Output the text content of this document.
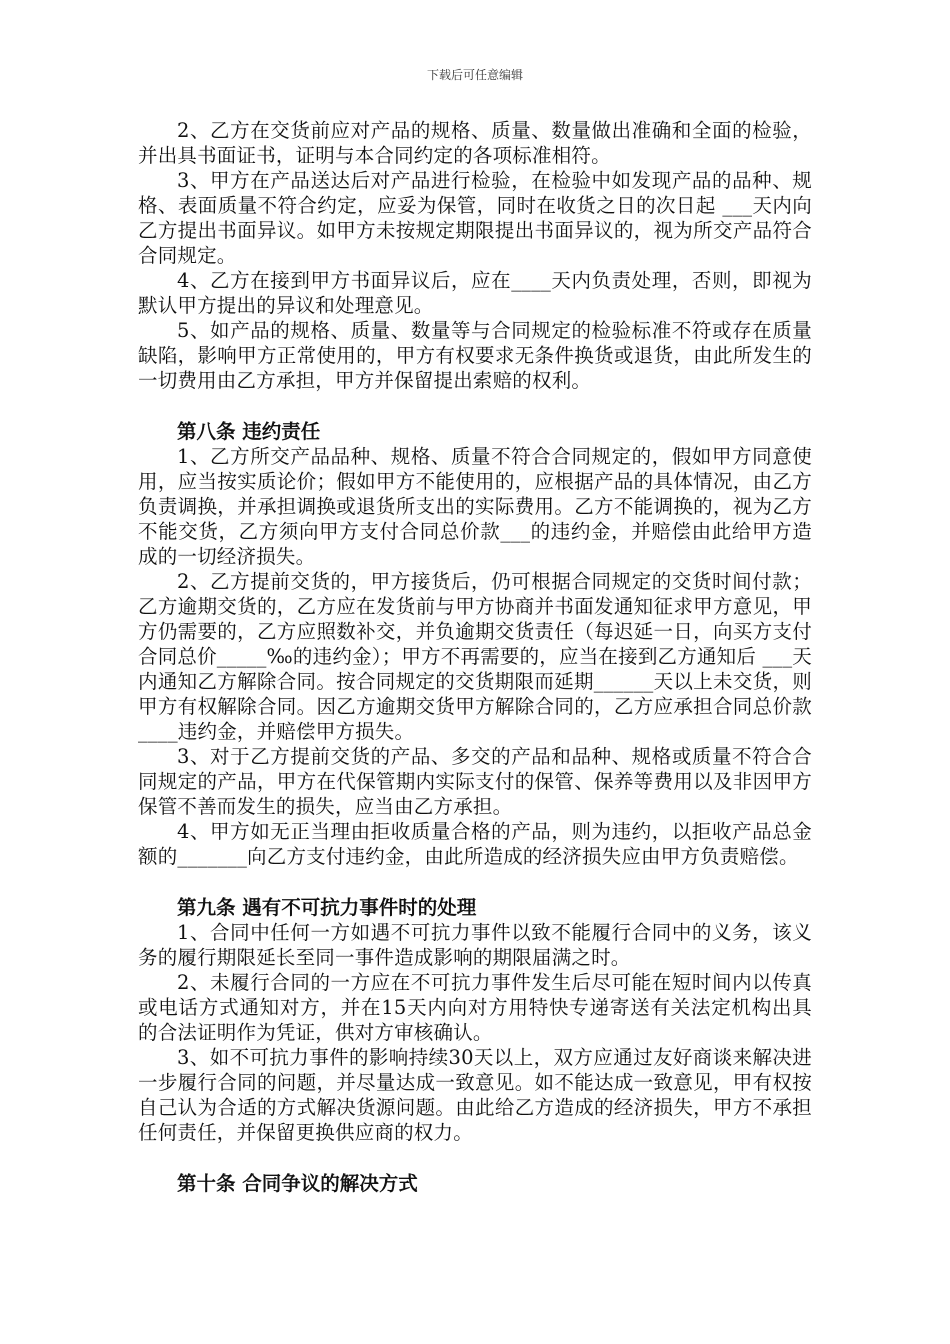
下载后可任意编辑

2、乙方在交货前应对产品的规格、质量、数量做出准确和全面的检验，并出具书面证书，证明与本合同约定的各项标准相符。

3、甲方在产品送达后对产品进行检验，在检验中如发现产品的品种、规格、表面质量不符合约定，应妥为保管，同时在收货之日的次日起 ___天内向乙方提出书面异议。如甲方未按规定期限提出书面异议的，视为所交产品符合合同规定。

4、乙方在接到甲方书面异议后，应在____天内负责处理，否则，即视为默认甲方提出的异议和处理意见。

5、如产品的规格、质量、数量等与合同规定的检验标准不符或存在质量缺陷，影响甲方正常使用的，甲方有权要求无条件换货或退货，由此所发生的一切费用由乙方承担，甲方并保留提出索赔的权利。

第八条 违约责任

1、乙方所交产品品种、规格、质量不符合合同规定的，假如甲方同意使用，应当按实质论价；假如甲方不能使用的，应根据产品的具体情况，由乙方负责调换，并承担调换或退货所支出的实际费用。乙方不能调换的，视为乙方不能交货，乙方须向甲方支付合同总价款___的违约金，并赔偿由此给甲方造成的一切经济损失。

2、乙方提前交货的，甲方接货后，仍可根据合同规定的交货时间付款；乙方逾期交货的，乙方应在发货前与甲方协商并书面发通知征求甲方意见，甲方仍需要的，乙方应照数补交，并负逾期交货责任（每迟延一日，向买方支付合同总价_____‰的违约金）；甲方不再需要的，应当在接到乙方通知后 ___天内通知乙方解除合同。按合同规定的交货期限而延期______天以上未交货，则甲方有权解除合同。因乙方逾期交货甲方解除合同的，乙方应承担合同总价款 ____违约金，并赔偿甲方损失。

3、对于乙方提前交货的产品、多交的产品和品种、规格或质量不符合合同规定的产品，甲方在代保管期内实际支付的保管、保养等费用以及非因甲方保管不善而发生的损失，应当由乙方承担。

4、甲方如无正当理由拒收质量合格的产品，则为违约，以拒收产品总金额的_______向乙方支付违约金，由此所造成的经济损失应由甲方负责赔偿。

第九条 遇有不可抗力事件时的处理

1、合同中任何一方如遇不可抗力事件以致不能履行合同中的义务，该义务的履行期限延长至同一事件造成影响的期限届满之时。

2、未履行合同的一方应在不可抗力事件发生后尽可能在短时间内以传真或电话方式通知对方，并在15天内向对方用特快专递寄送有关法定机构出具的合法证明作为凭证，供对方审核确认。

3、如不可抗力事件的影响持续30天以上，双方应通过友好商谈来解决进一步履行合同的问题，并尽量达成一致意见。如不能达成一致意见，甲有权按自己认为合适的方式解决货源问题。由此给乙方造成的经济损失，甲方不承担任何责任，并保留更换供应商的权力。

第十条 合同争议的解决方式
